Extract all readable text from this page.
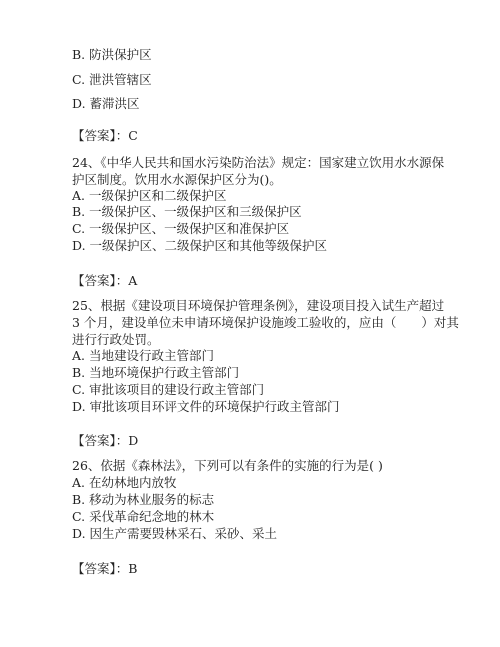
B. 防洪保护区
C. 泄洪管辖区
D. 蓄滞洪区
【答案】：C
24、《中华人民共和国水污染防治法》规定：国家建立饮用水水源保
护区制度。饮用水水源保护区分为()。
A. 一级保护区和二级保护区
B. 一级保护区、一级保护区和三级保护区
C. 一级保护区、一级保护区和准保护区
D. 一级保护区、二级保护区和其他等级保护区
【答案】：A
25、根据《建设项目环境保护管理条例》，建设项目投入试生产超过
3 个月，建设单位未申请环境保护设施竣工验收的，应由（　　）对其
进行行政处罚。
A. 当地建设行政主管部门
B. 当地环境保护行政主管部门
C. 审批该项目的建设行政主管部门
D. 审批该项目环评文件的环境保护行政主管部门
【答案】：D
26、依据《森林法》，下列可以有条件的实施的行为是( )
A. 在幼林地内放牧
B. 移动为林业服务的标志
C. 采伐革命纪念地的林木
D. 因生产需要毁林采石、采砂、采土
【答案】：B
